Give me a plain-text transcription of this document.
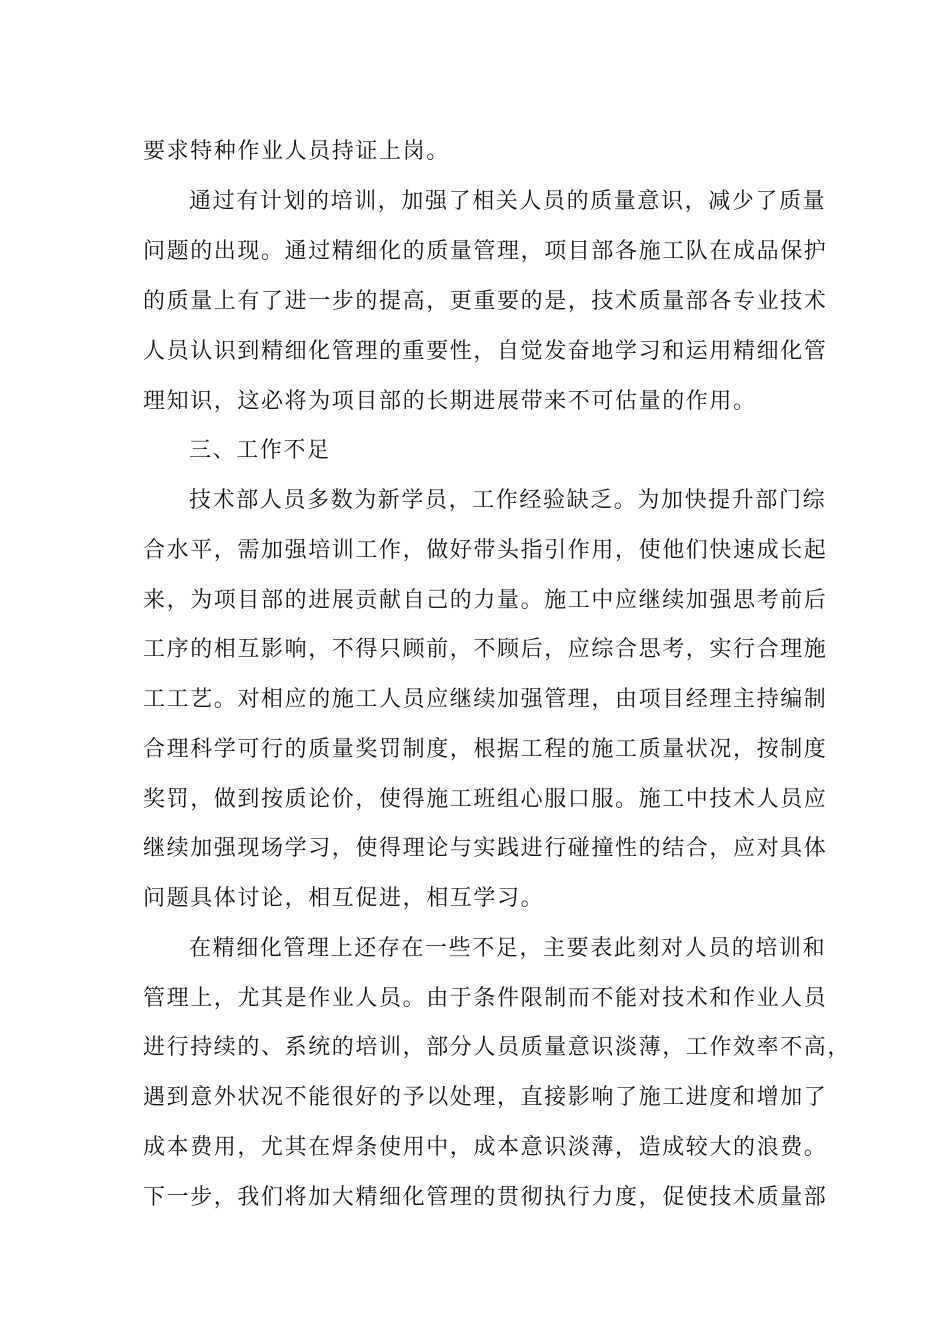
要求特种作业人员持证上岗。
通过有计划的培训，加强了相关人员的质量意识，减少了质量
问题的出现。通过精细化的质量管理，项目部各施工队在成品保护
的质量上有了进一步的提高，更重要的是，技术质量部各专业技术
人员认识到精细化管理的重要性，自觉发奋地学习和运用精细化管
理知识，这必将为项目部的长期进展带来不可估量的作用。
三、工作不足
技术部人员多数为新学员，工作经验缺乏。为加快提升部门综
合水平，需加强培训工作，做好带头指引作用，使他们快速成长起
来，为项目部的进展贡献自己的力量。施工中应继续加强思考前后
工序的相互影响，不得只顾前，不顾后，应综合思考，实行合理施
工工艺。对相应的施工人员应继续加强管理，由项目经理主持编制
合理科学可行的质量奖罚制度，根据工程的施工质量状况，按制度
奖罚，做到按质论价，使得施工班组心服口服。施工中技术人员应
继续加强现场学习，使得理论与实践进行碰撞性的结合，应对具体
问题具体讨论，相互促进，相互学习。
在精细化管理上还存在一些不足，主要表此刻对人员的培训和
管理上，尤其是作业人员。由于条件限制而不能对技术和作业人员
进行持续的、系统的培训，部分人员质量意识淡薄，工作效率不高，
遇到意外状况不能很好的予以处理，直接影响了施工进度和增加了
成本费用，尤其在焊条使用中，成本意识淡薄，造成较大的浪费。
下一步，我们将加大精细化管理的贯彻执行力度，促使技术质量部
